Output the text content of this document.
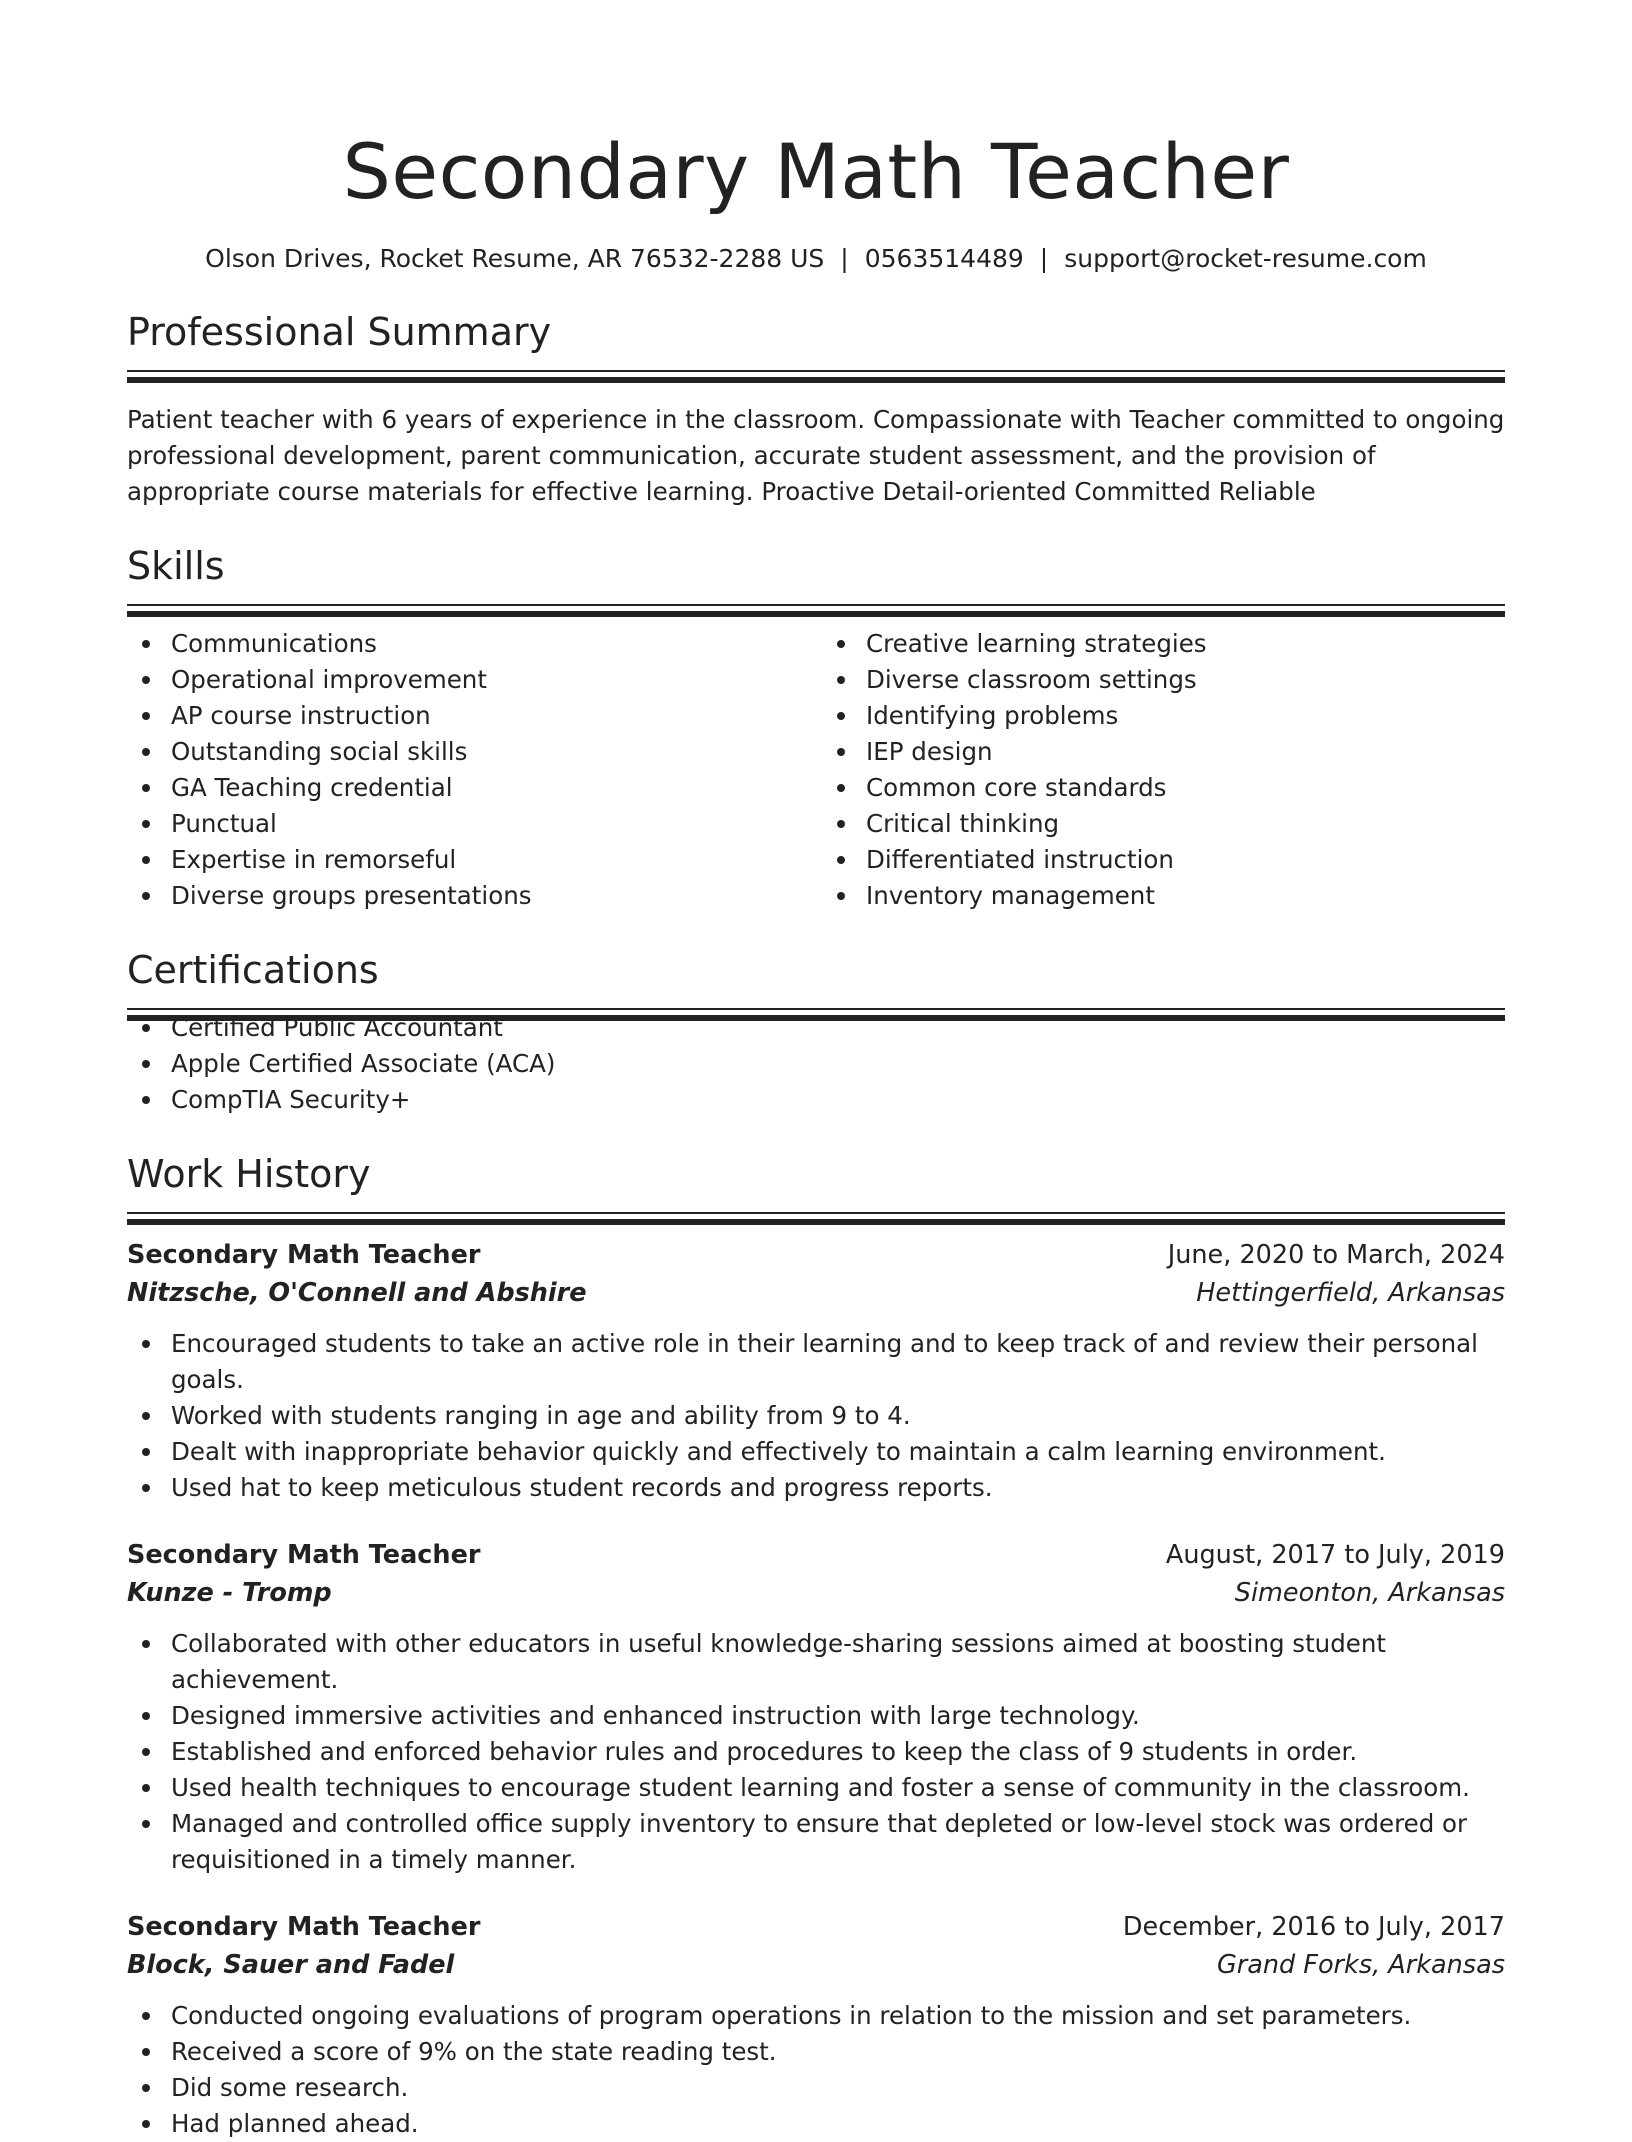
Secondary Math Teacher
Olson Drives, Rocket Resume, AR 76532-2288 US | 0563514489 | support@rocket-resume.com
Professional Summary

Patient teacher with 6 years of experience in the classroom. Compassionate with Teacher committed to ongoing professional development, parent communication, accurate student assessment, and the provision of appropriate course materials for effective learning. Proactive Detail-oriented Committed Reliable

Skills
Communications
Operational improvement
AP course instruction
Outstanding social skills
GA Teaching credential
Punctual
Expertise in remorseful
Diverse groups presentations
Creative learning strategies
Diverse classroom settings
Identifying problems
IEP design
Common core standards
Critical thinking
Differentiated instruction
Inventory management
Certifications
Certified Public Accountant
Apple Certified Associate (ACA)
CompTIA Security+
Work History
Secondary Math Teacher	June, 2020 to March, 2024
Nitzsche, O'Connell and Abshire	Hettingerfield, Arkansas
Encouraged students to take an active role in their learning and to keep track of and review their personal goals.
Worked with students ranging in age and ability from 9 to 4.
Dealt with inappropriate behavior quickly and effectively to maintain a calm learning environment.
Used hat to keep meticulous student records and progress reports.
Secondary Math Teacher	August, 2017 to July, 2019
Kunze - Tromp	Simeonton, Arkansas
Collaborated with other educators in useful knowledge-sharing sessions aimed at boosting student achievement.
Designed immersive activities and enhanced instruction with large technology.
Established and enforced behavior rules and procedures to keep the class of 9 students in order.
Used health techniques to encourage student learning and foster a sense of community in the classroom.
Managed and controlled office supply inventory to ensure that depleted or low-level stock was ordered or requisitioned in a timely manner.
Secondary Math Teacher	December, 2016 to July, 2017
Block, Sauer and Fadel	Grand Forks, Arkansas
Conducted ongoing evaluations of program operations in relation to the mission and set parameters.
Received a score of 9% on the state reading test.
Did some research.
Had planned ahead.
